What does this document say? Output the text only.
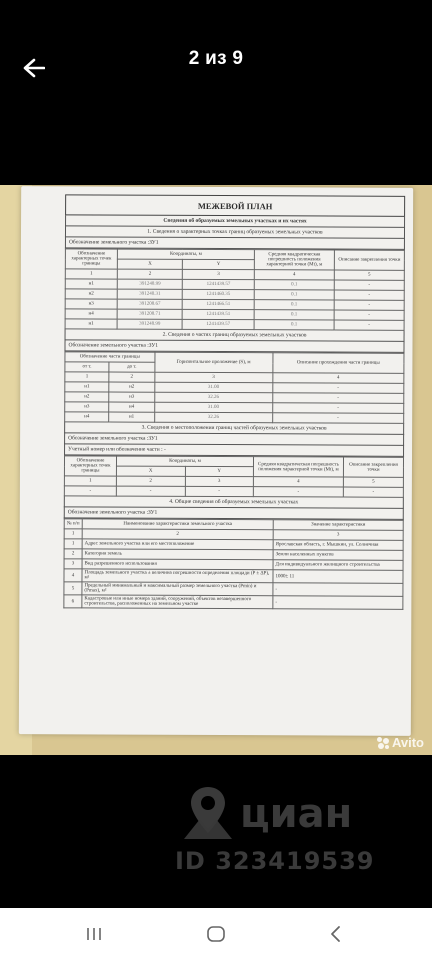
2 из 9
МЕЖЕВОЙ ПЛАН
Сведения об образуемых земельных участках и их частях
1. Сведения о характерных точках границ образуемых земельных участков
Обозначение земельного участка :ЗУ1
Обозначение характерных точек границы	Координаты, м		Средняя квадратическая погрешность положения характерной точки (Mt), м	Описание закрепления точки
	X	Y		
1	2	3	4	5
н1	391248.99	1241439.57	0.1	-
н2	391240.31	1241460.35	0.1	-
н3	391208.67	1241466.51	0.1	-
н4	391208.71	1241439.51	0.1	-
н1	391248.99	1241439.57	0.1	-
2. Сведения о частях границ образуемых земельных участков
Обозначение земельного участка :ЗУ1
Обозначение части границы		Горизонтальное проложение (S), м	Описание прохождения части границы
от т.	до т.		
1	2	3	4
н1	н2	31.00	-
н2	н3	32.26	-
н3	н4	31.00	-
н4	н1	32.26	-
3. Сведения о местоположении границ частей образуемых земельных участков
Обозначение земельного участка :ЗУ1
Учетный номер или обозначение части : -
Обозначение характерных точек границы	Координаты, м		Средняя квадратическая погрешность положения характерной точки (Mt), м	Описание закрепления точки
	X	Y		
1	2	3	4	5
-	-	-	-	-
4. Общие сведения об образуемых земельных участках
Обозначение земельного участка :ЗУ1
№ п/п	Наименование характеристики земельного участка	Значение характеристики
1	2	3
1	Адрес земельного участка или его местоположение	Ярославская область, г. Мышкин, ул. Солнечная
2	Категория земель	Земли населенных пунктов
3	Вид разрешенного использования	Для индивидуального жилищного строительства
4	Площадь земельного участка ± величина погрешности определения площади (P ± ΔP), м²	1000± 11
5	Предельный минимальный и максимальный размер земельного участка (Pmin) и (Pmax), м²	-
6	Кадастровые или иные номера зданий, сооружений, объектов незавершенного строительства, расположенных на земельном участке	-
циан
ID 323419539
Avito
